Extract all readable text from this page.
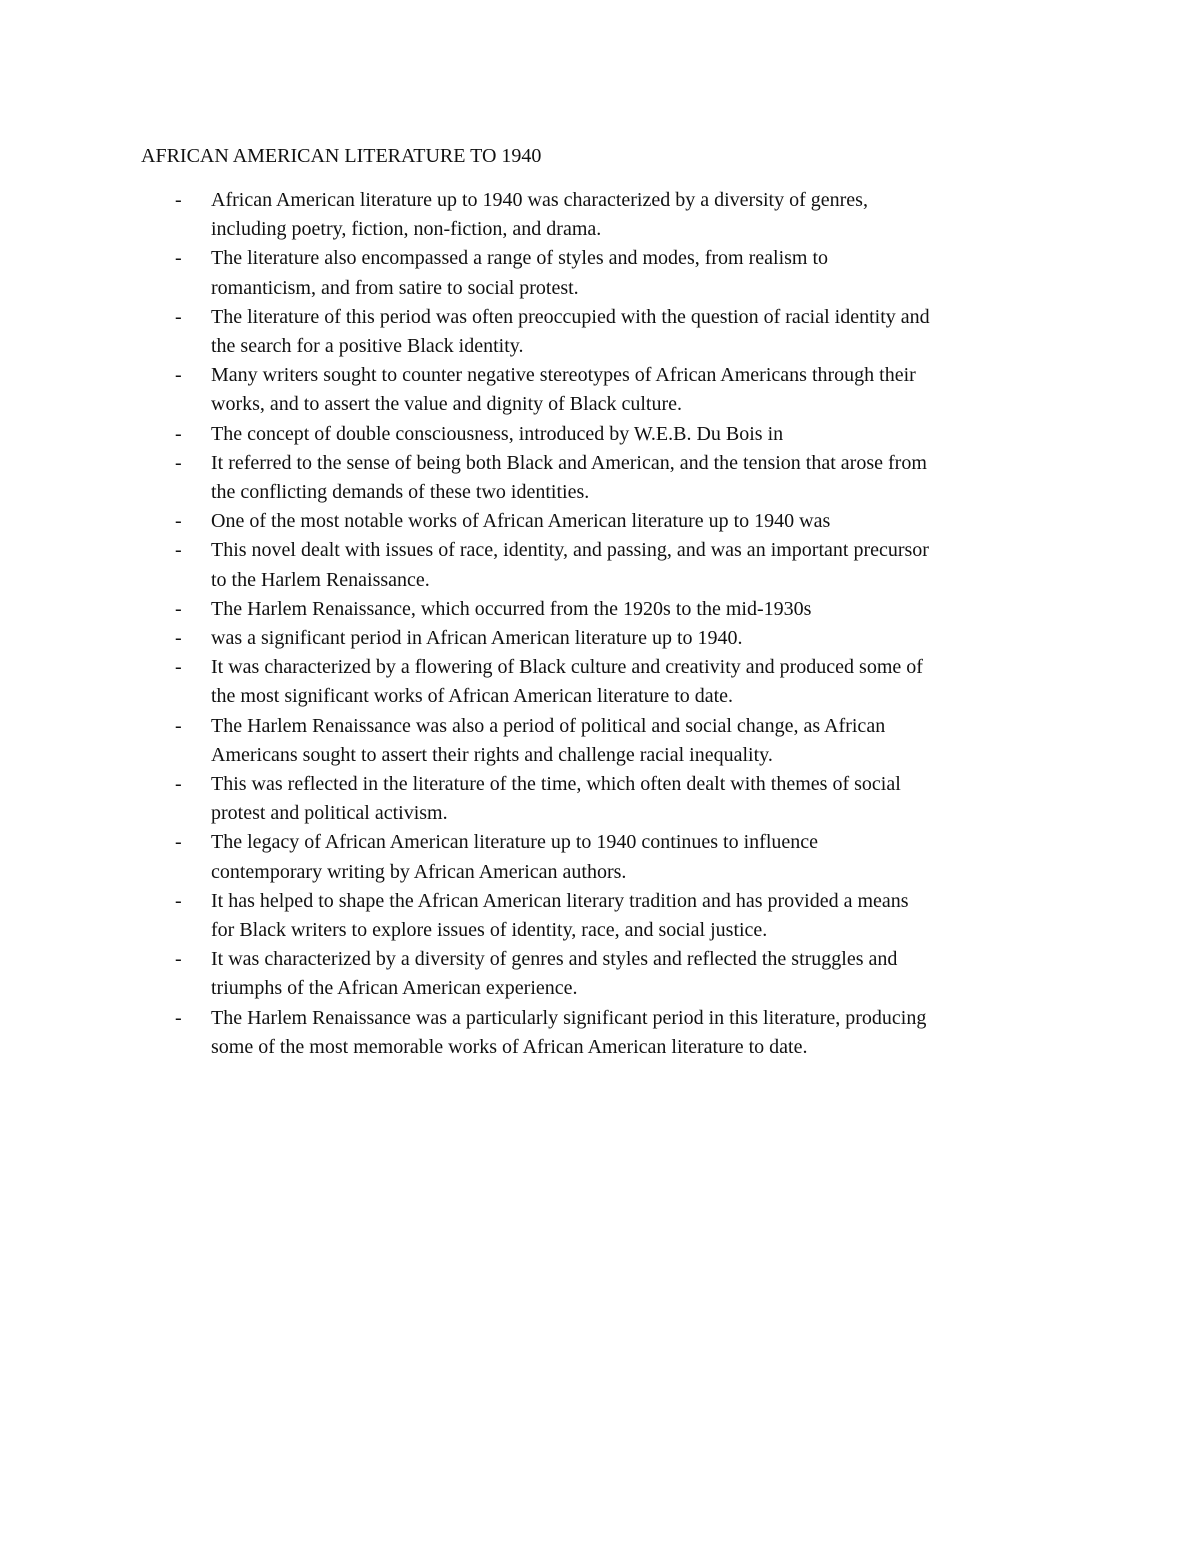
AFRICAN AMERICAN LITERATURE TO 1940
- African American literature up to 1940 was characterized by a diversity of genres,
including poetry, fiction, non-fiction, and drama.
- The literature also encompassed a range of styles and modes, from realism to
romanticism, and from satire to social protest.
- The literature of this period was often preoccupied with the question of racial identity and
the search for a positive Black identity.
- Many writers sought to counter negative stereotypes of African Americans through their
works, and to assert the value and dignity of Black culture.
- The concept of double consciousness, introduced by W.E.B. Du Bois in
- It referred to the sense of being both Black and American, and the tension that arose from
the conflicting demands of these two identities.
- One of the most notable works of African American literature up to 1940 was
- This novel dealt with issues of race, identity, and passing, and was an important precursor
to the Harlem Renaissance.
- The Harlem Renaissance, which occurred from the 1920s to the mid-1930s
- was a significant period in African American literature up to 1940.
- It was characterized by a flowering of Black culture and creativity and produced some of
the most significant works of African American literature to date.
- The Harlem Renaissance was also a period of political and social change, as African
Americans sought to assert their rights and challenge racial inequality.
- This was reflected in the literature of the time, which often dealt with themes of social
protest and political activism.
- The legacy of African American literature up to 1940 continues to influence
contemporary writing by African American authors.
- It has helped to shape the African American literary tradition and has provided a means
for Black writers to explore issues of identity, race, and social justice.
- It was characterized by a diversity of genres and styles and reflected the struggles and
triumphs of the African American experience.
- The Harlem Renaissance was a particularly significant period in this literature, producing
some of the most memorable works of African American literature to date.
